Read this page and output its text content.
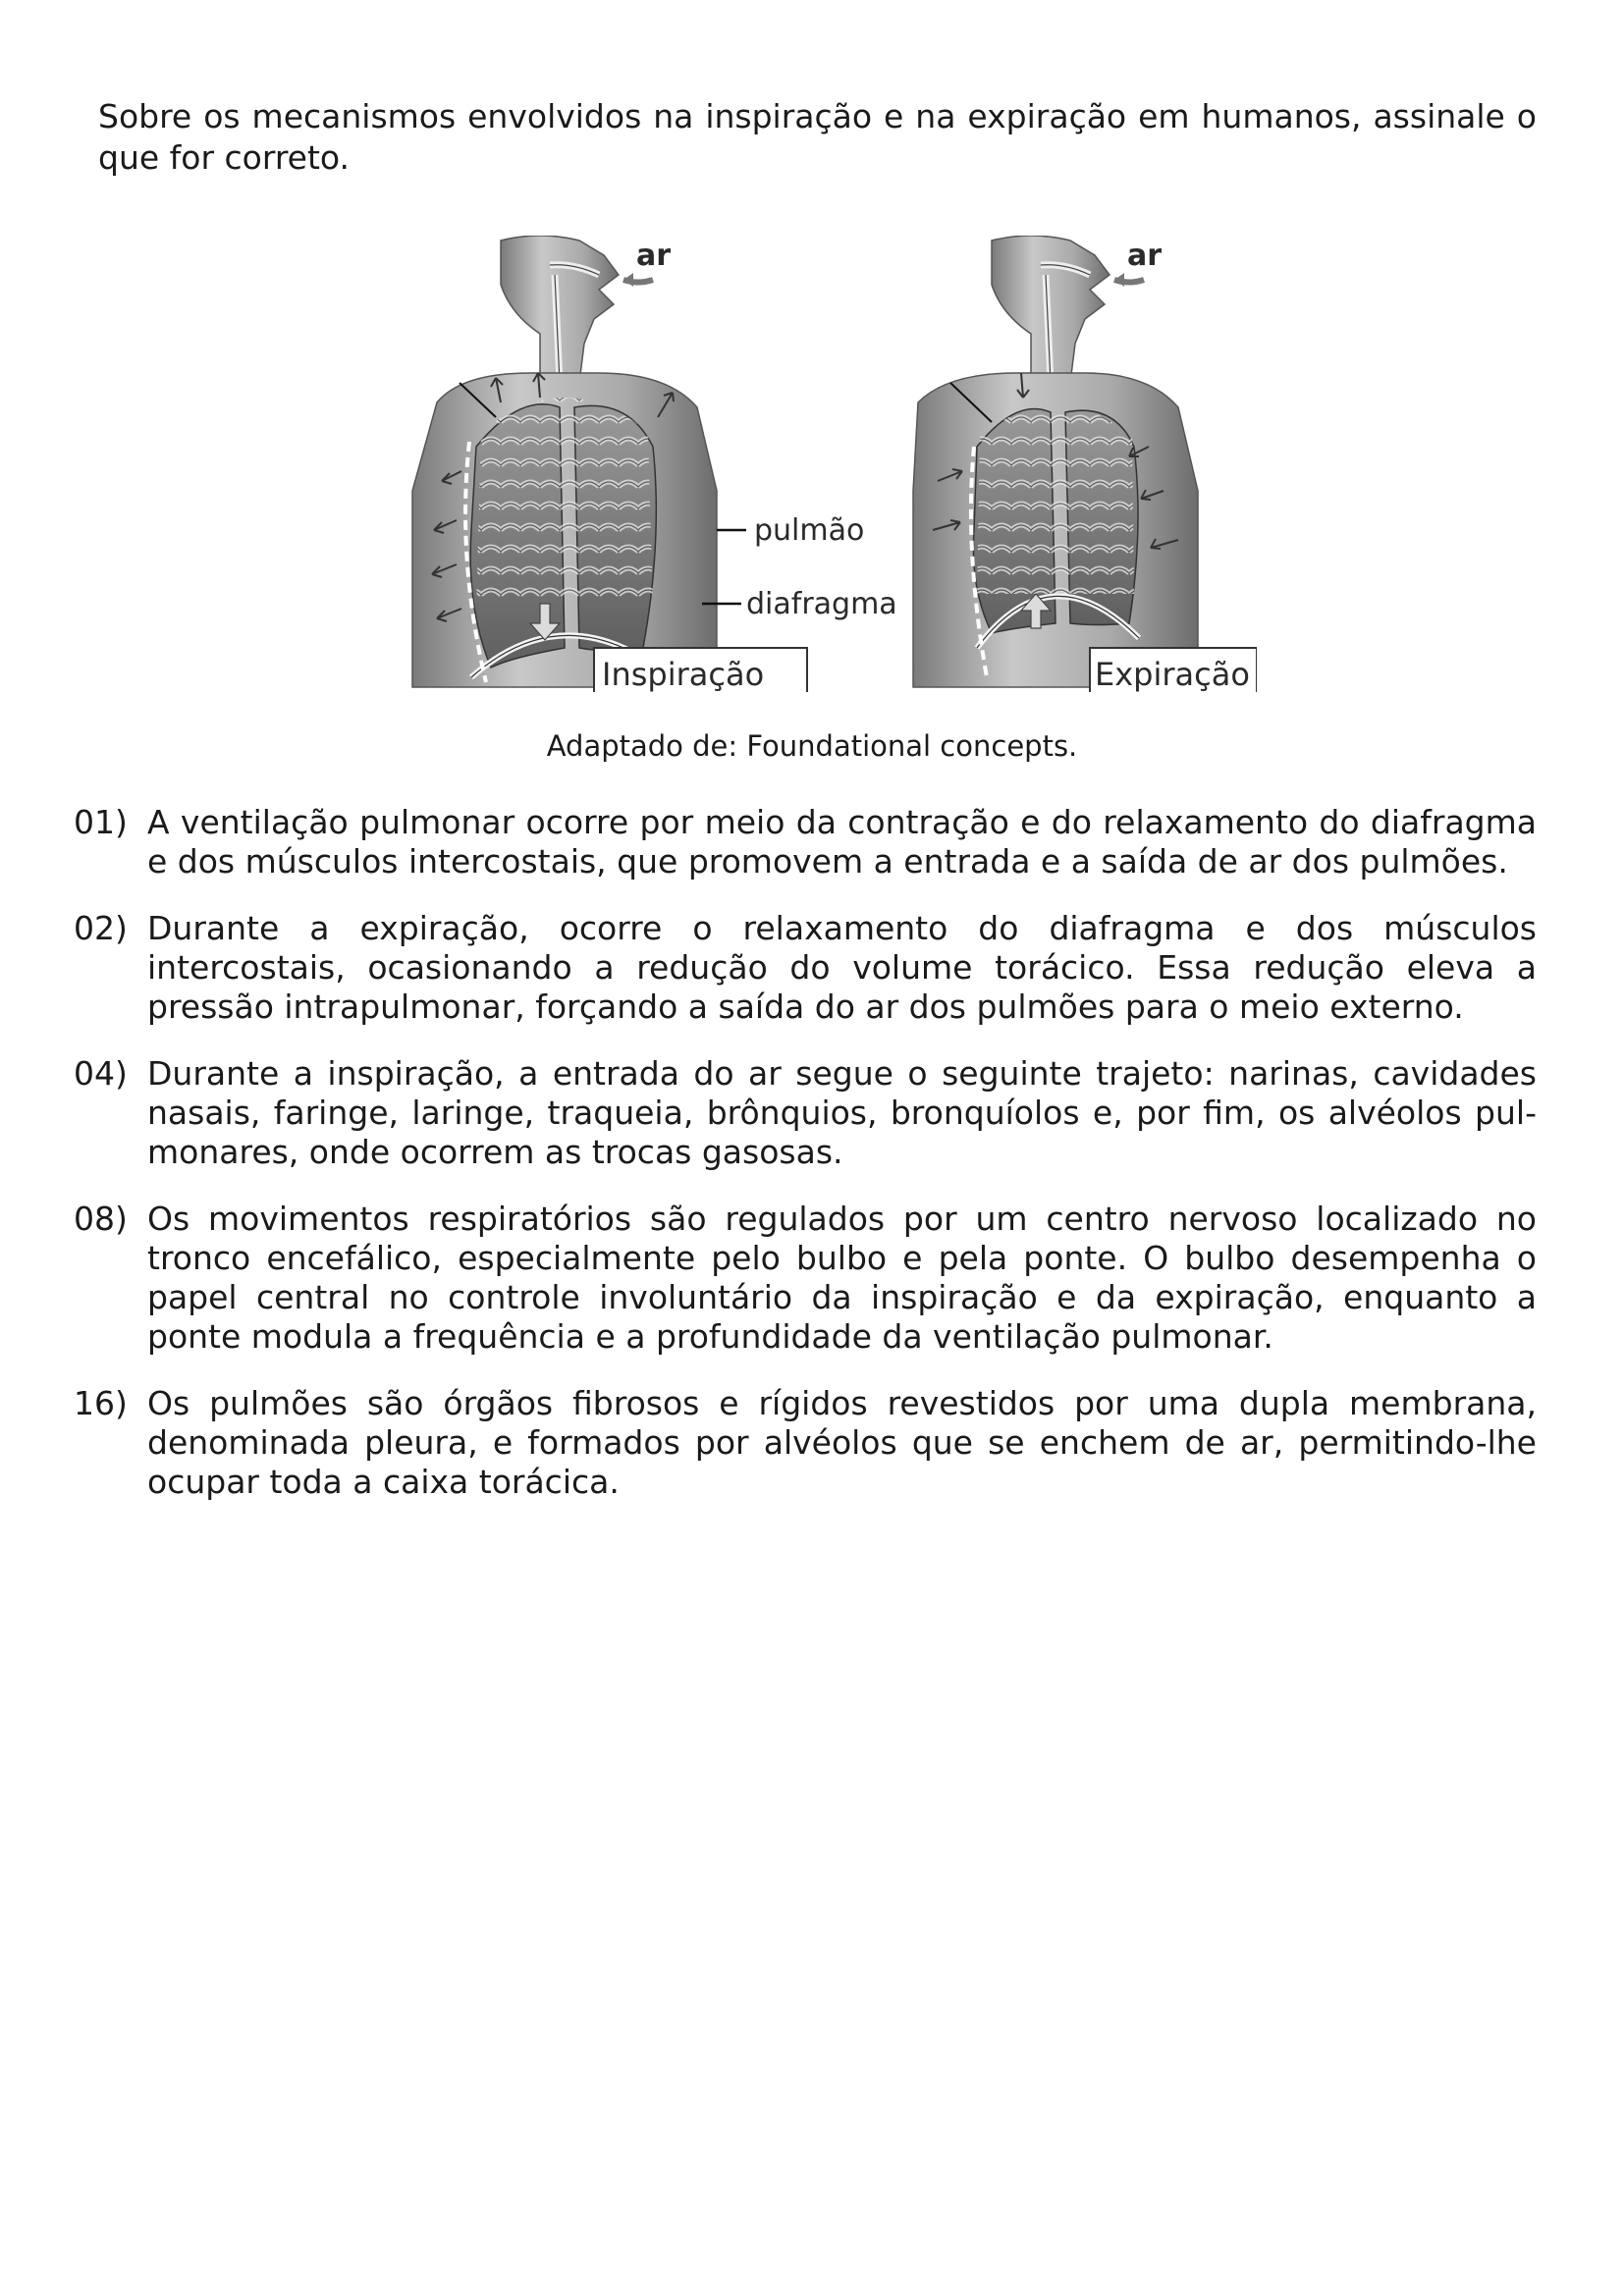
Sobre os mecanismos envolvidos na inspiração e na expiração em humanos, assinale o que for correto.

ar
Inspiração
pulmão
diafragma
ar
Expiração
Adaptado de: Foundational concepts.
01) A ventilação pulmonar ocorre por meio da contração e do relaxamento do diafragma e dos músculos intercostais, que promovem a entrada e a saída de ar dos pulmões.
02) Durante a expiração, ocorre o relaxamento do diafragma e dos músculos intercostais, ocasionando a redução do volume torácico. Essa redução eleva a pressão intrapulmonar, forçando a saída do ar dos pulmões para o meio externo.
04) Durante a inspiração, a entrada do ar segue o seguinte trajeto: narinas, cavidades nasais, faringe, laringe, traqueia, brônquios, bronquíolos e, por fim, os alvéolos pulmonares, onde ocorrem as trocas gasosas.
08) Os movimentos respiratórios são regulados por um centro nervoso localizado no tronco encefálico, especialmente pelo bulbo e pela ponte. O bulbo desempenha o papel central no controle involuntário da inspiração e da expiração, enquanto a ponte modula a frequência e a profundidade da ventilação pulmonar.
16) Os pulmões são órgãos fibrosos e rígidos revestidos por uma dupla membrana, denominada pleura, e formados por alvéolos que se enchem de ar, permitindo-lhe ocupar toda a caixa torácica.
